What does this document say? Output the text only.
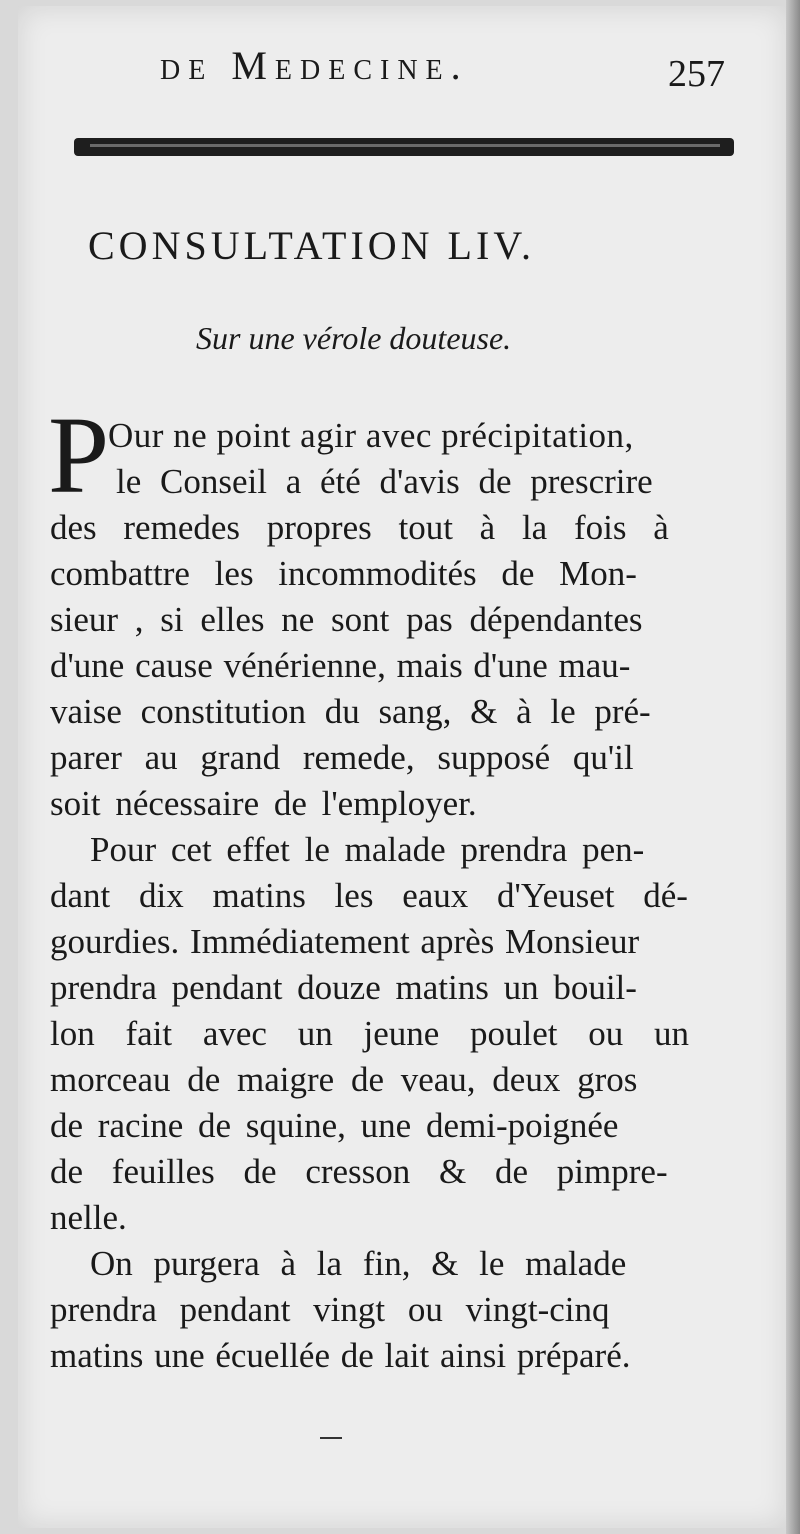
de Medecine.	257
CONSULTATION LIV.
Sur une vérole douteuse.
P
Our ne point agir avec précipitation,
le Conseil a été d'avis de prescrire
des remedes propres tout à la fois à
combattre les incommodités de Mon-
sieur , si elles ne sont pas dépendantes
d'une cause vénérienne, mais d'une mau-
vaise constitution du sang, & à le pré-
parer au grand remede, supposé qu'il
soit nécessaire de l'employer.
Pour cet effet le malade prendra pen-
dant dix matins les eaux d'Yeuset dé-
gourdies. Immédiatement après Monsieur
prendra pendant douze matins un bouil-
lon fait avec un jeune poulet ou un
morceau de maigre de veau, deux gros
de racine de squine, une demi-poignée
de feuilles de cresson & de pimpre-
nelle.
On purgera à la fin, & le malade
prendra pendant vingt ou vingt-cinq
matins une écuellée de lait ainsi préparé.
